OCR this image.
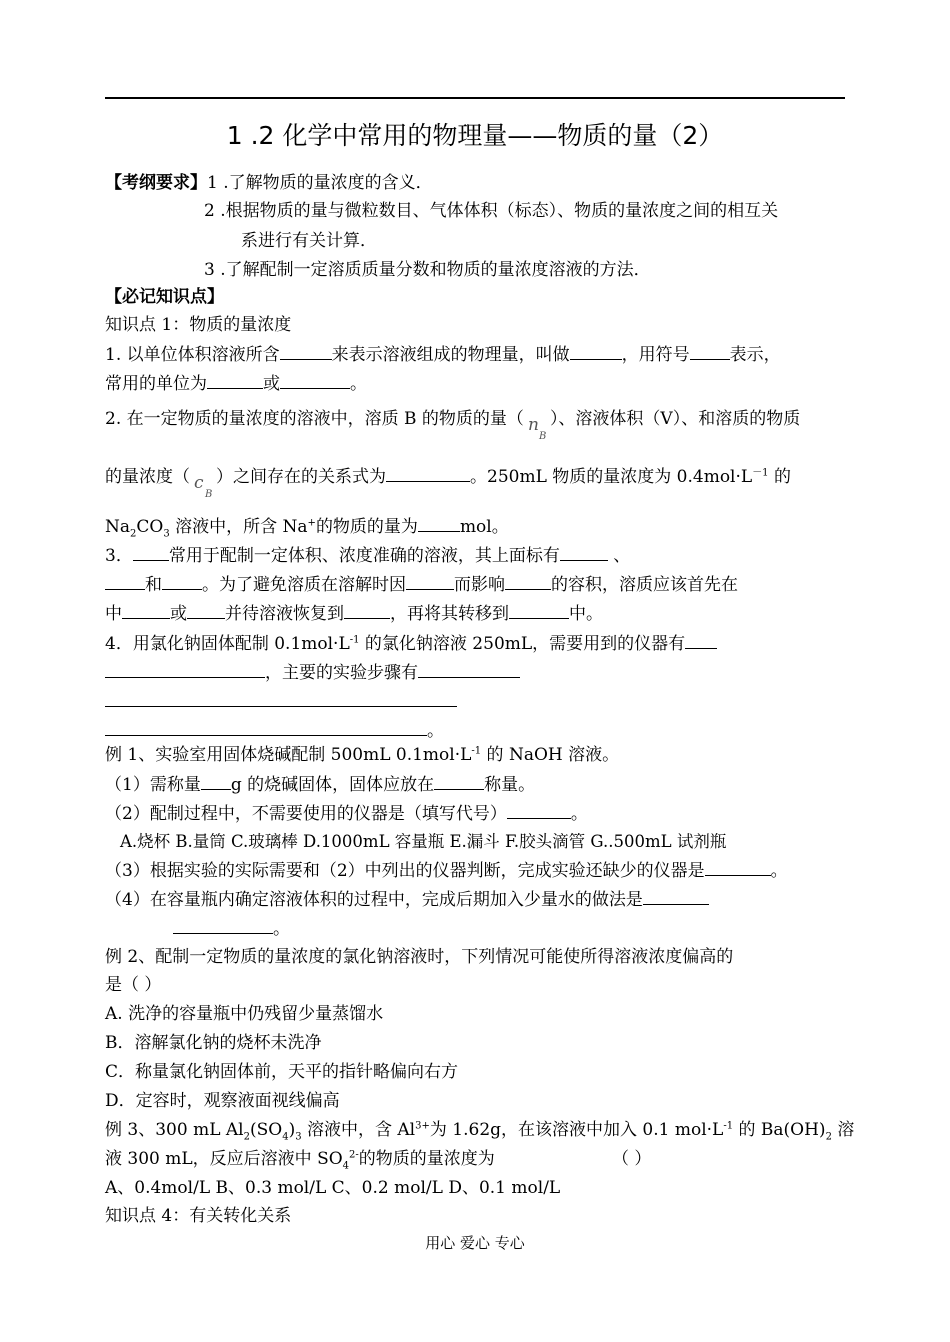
1 .2 化学中常用的物理量——物质的量（2）
【考纲要求】1 .了解物质的量浓度的含义．
2 .根据物质的量与微粒数目、气体体积（标态）、物质的量浓度之间的相互关
系进行有关计算．
3 .了解配制一定溶质质量分数和物质的量浓度溶液的方法．
【必记知识点】
知识点 1：物质的量浓度
1. 以单位体积溶液所含	来表示溶液组成的物理量，叫做	，用符号 表示，
常用的单位为	或	。
2. 在一定物质的量浓度的溶液中，溶质 B 的物质的量（ n
B
）、溶液体积（V）、和溶质的物质
的量浓度（ c
B
）之间存在的关系式为	。250mL 物质的量浓度为 $0.4mol\cdot L^{-1}$ 的
$Na_2CO_3$ 溶液中，所含 Na+的物质的量为 mol。
3． 常用于配制一定体积、浓度准确的溶液，其上面标有	、
和 。为了避免溶质在溶解时因	而影响	的容积，溶质应该首先在
中	或 并待溶液恢复到	，再将其转移到	中。
4．用氯化钠固体配制 $0.1mol\cdot L^{-1}$ 的氯化钠溶液 250mL，需要用到的仪器有
，主要的实验步骤有
。
例 1、实验室用固体烧碱配制 500mL $0.1mol\cdot L^{-1}$ 的 NaOH 溶液。
（1）需称量 g 的烧碱固体，固体应放在	称量。
（2）配制过程中，不需要使用的仪器是（填写代号）	。
A.烧杯 B.量筒 C.玻璃棒 D.1000mL 容量瓶 E.漏斗 F.胶头滴管 G..500mL 试剂瓶
（3）根据实验的实际需要和（2）中列出的仪器判断，完成实验还缺少的仪器是	。
（4）在容量瓶内确定溶液体积的过程中，完成后期加入少量水的做法是
。
例 2、配制一定物质的量浓度的氯化钠溶液时，下列情况可能使所得溶液浓度偏高的
是（ ）
A. 洗净的容量瓶中仍残留少量蒸馏水
B．溶解氯化钠的烧杯未洗净
C．称量氯化钠固体前，天平的指针略偏向右方
D．定容时，观察液面视线偏高
例 3、300 mL $Al_2(SO_4)_3$ 溶液中，含 $Al^{3+}$为 1.62g，在该溶液中加入 0.1 $mol\cdot L^{-1}$ 的 $Ba(OH)_2$ 溶
液 300 mL，反应后溶液中 $SO_4^{2-}$的物质的量浓度为	（ ）
A、0.4mol/L B、0.3 mol/L C、0.2 mol/L D、0.1 mol/L
知识点 4：有关转化关系
用心 爱心 专心
